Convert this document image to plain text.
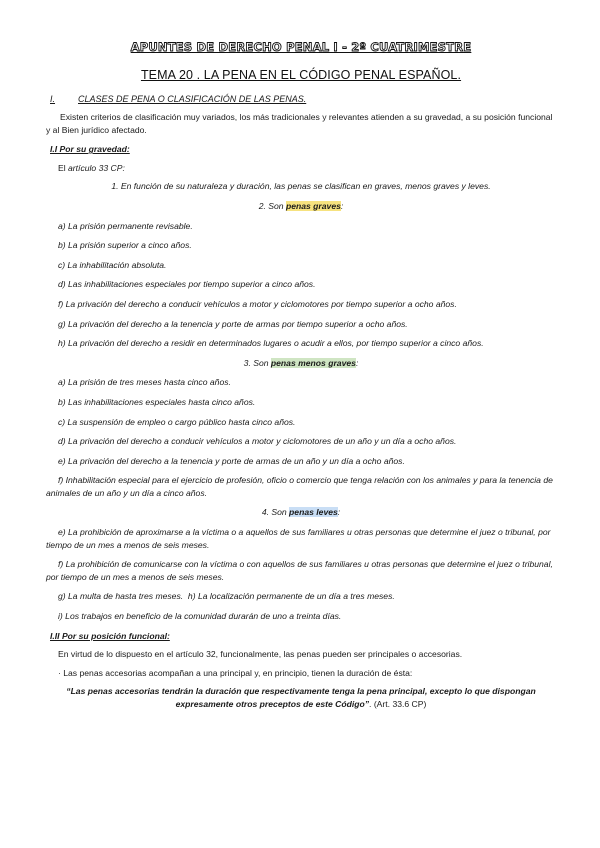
APUNTES DE DERECHO PENAL I - 2º CUATRIMESTRE
TEMA 20 . LA PENA EN EL CÓDIGO PENAL ESPAÑOL.
I.	CLASES DE PENA O CLASIFICACIÓN DE LAS PENAS.

Existen criterios de clasificación muy variados, los más tradicionales y relevantes atienden a su gravedad, a su posición funcional y al Bien jurídico afectado.

I.I Por su gravedad:

El artículo 33 CP:

1. En función de su naturaleza y duración, las penas se clasifican en graves, menos graves y leves.

2. Son penas graves:

a) La prisión permanente revisable.

b) La prisión superior a cinco años.

c) La inhabilitación absoluta.

d) Las inhabilitaciones especiales por tiempo superior a cinco años.

f) La privación del derecho a conducir vehículos a motor y ciclomotores por tiempo superior a ocho años.

g) La privación del derecho a la tenencia y porte de armas por tiempo superior a ocho años.

h) La privación del derecho a residir en determinados lugares o acudir a ellos, por tiempo superior a cinco años.

3. Son penas menos graves:

a) La prisión de tres meses hasta cinco años.

b) Las inhabilitaciones especiales hasta cinco años.

c) La suspensión de empleo o cargo público hasta cinco años.

d) La privación del derecho a conducir vehículos a motor y ciclomotores de un año y un día a ocho años.

e) La privación del derecho a la tenencia y porte de armas de un año y un día a ocho años.

f) Inhabilitación especial para el ejercicio de profesión, oficio o comercio que tenga relación con los animales y para la tenencia de animales de un año y un día a cinco años.

4. Son penas leves:

e) La prohibición de aproximarse a la víctima o a aquellos de sus familiares u otras personas que determine el juez o tribunal, por tiempo de un mes a menos de seis meses.

f) La prohibición de comunicarse con la víctima o con aquellos de sus familiares u otras personas que determine el juez o tribunal, por tiempo de un mes a menos de seis meses.

g) La multa de hasta tres meses.  h) La localización permanente de un día a tres meses.

i) Los trabajos en beneficio de la comunidad durarán de uno a treinta días.

I.II Por su posición funcional:

En virtud de lo dispuesto en el artículo 32, funcionalmente, las penas pueden ser principales o accesorias.

· Las penas accesorias acompañan a una principal y, en principio, tienen la duración de ésta:

“Las penas accesorias tendrán la duración que respectivamente tenga la pena principal, excepto lo que dispongan expresamente otros preceptos de este Código”. (Art. 33.6 CP)
